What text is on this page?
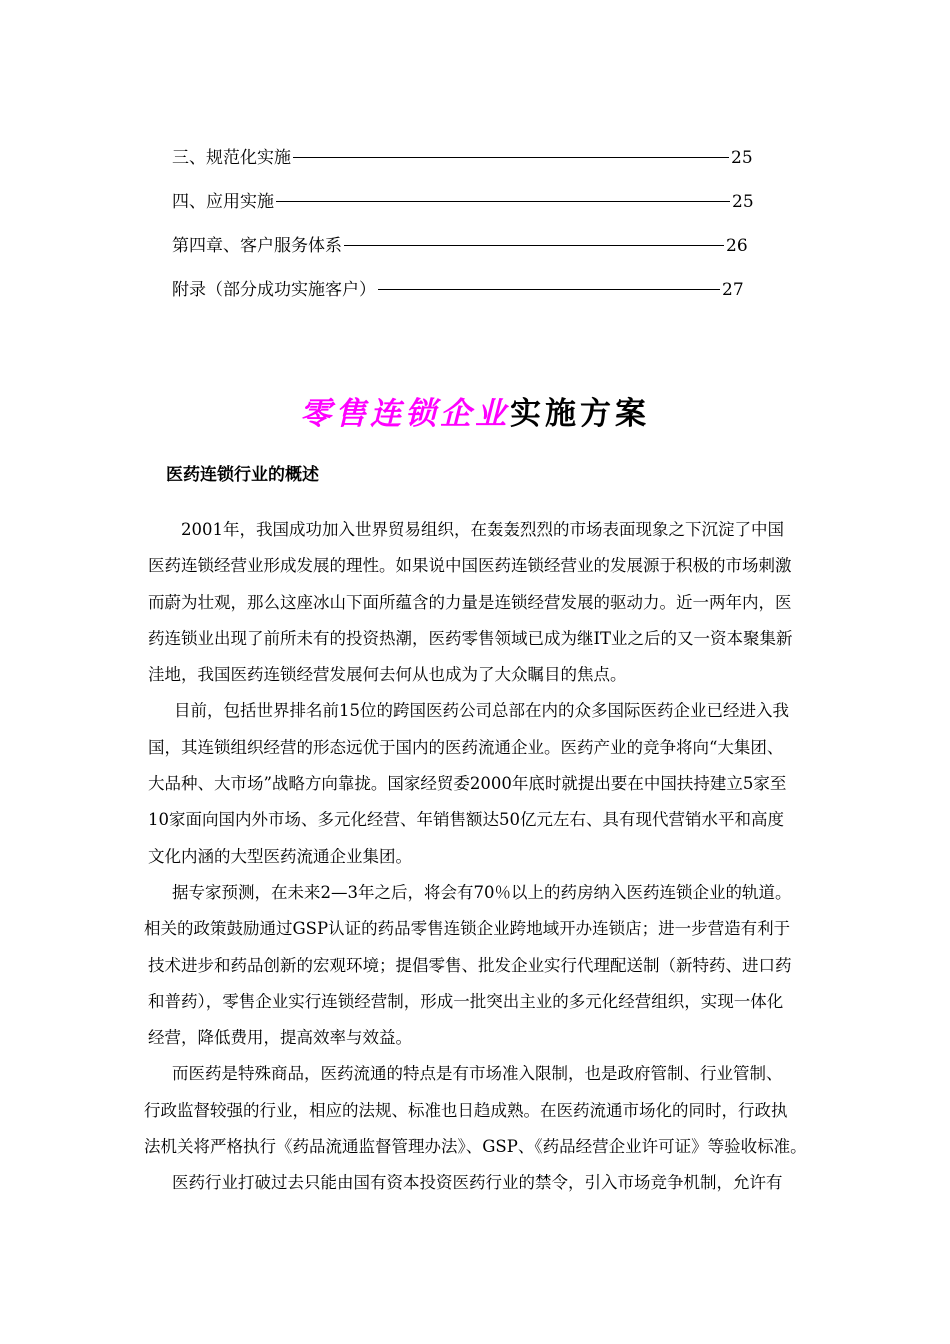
三、规范化实施	25
四、应用实施	25
第四章、客户服务体系	26
附录（部分成功实施客户）	27
零售连锁企业实施方案
医药连锁行业的概述
2001年，我国成功加入世界贸易组织，在轰轰烈烈的市场表面现象之下沉淀了中国
医药连锁经营业形成发展的理性。如果说中国医药连锁经营业的发展源于积极的市场刺激
而蔚为壮观，那么这座冰山下面所蕴含的力量是连锁经营发展的驱动力。近一两年内，医
药连锁业出现了前所未有的投资热潮，医药零售领域已成为继IT业之后的又一资本聚集新
洼地，我国医药连锁经营发展何去何从也成为了大众瞩目的焦点。
目前，包括世界排名前15位的跨国医药公司总部在内的众多国际医药企业已经进入我
国，其连锁组织经营的形态远优于国内的医药流通企业。医药产业的竞争将向“大集团、
大品种、大市场”战略方向靠拢。国家经贸委2000年底时就提出要在中国扶持建立5家至
10家面向国内外市场、多元化经营、年销售额达50亿元左右、具有现代营销水平和高度
文化内涵的大型医药流通企业集团。
据专家预测，在未来2—3年之后，将会有70％以上的药房纳入医药连锁企业的轨道。
相关的政策鼓励通过GSP认证的药品零售连锁企业跨地域开办连锁店；进一步营造有利于
技术进步和药品创新的宏观环境；提倡零售、批发企业实行代理配送制（新特药、进口药
和普药），零售企业实行连锁经营制，形成一批突出主业的多元化经营组织，实现一体化
经营，降低费用，提高效率与效益。
而医药是特殊商品，医药流通的特点是有市场准入限制，也是政府管制、行业管制、
行政监督较强的行业，相应的法规、标准也日趋成熟。在医药流通市场化的同时，行政执
法机关将严格执行《药品流通监督管理办法》、GSP、《药品经营企业许可证》等验收标准。
医药行业打破过去只能由国有资本投资医药行业的禁令，引入市场竞争机制，允许有
